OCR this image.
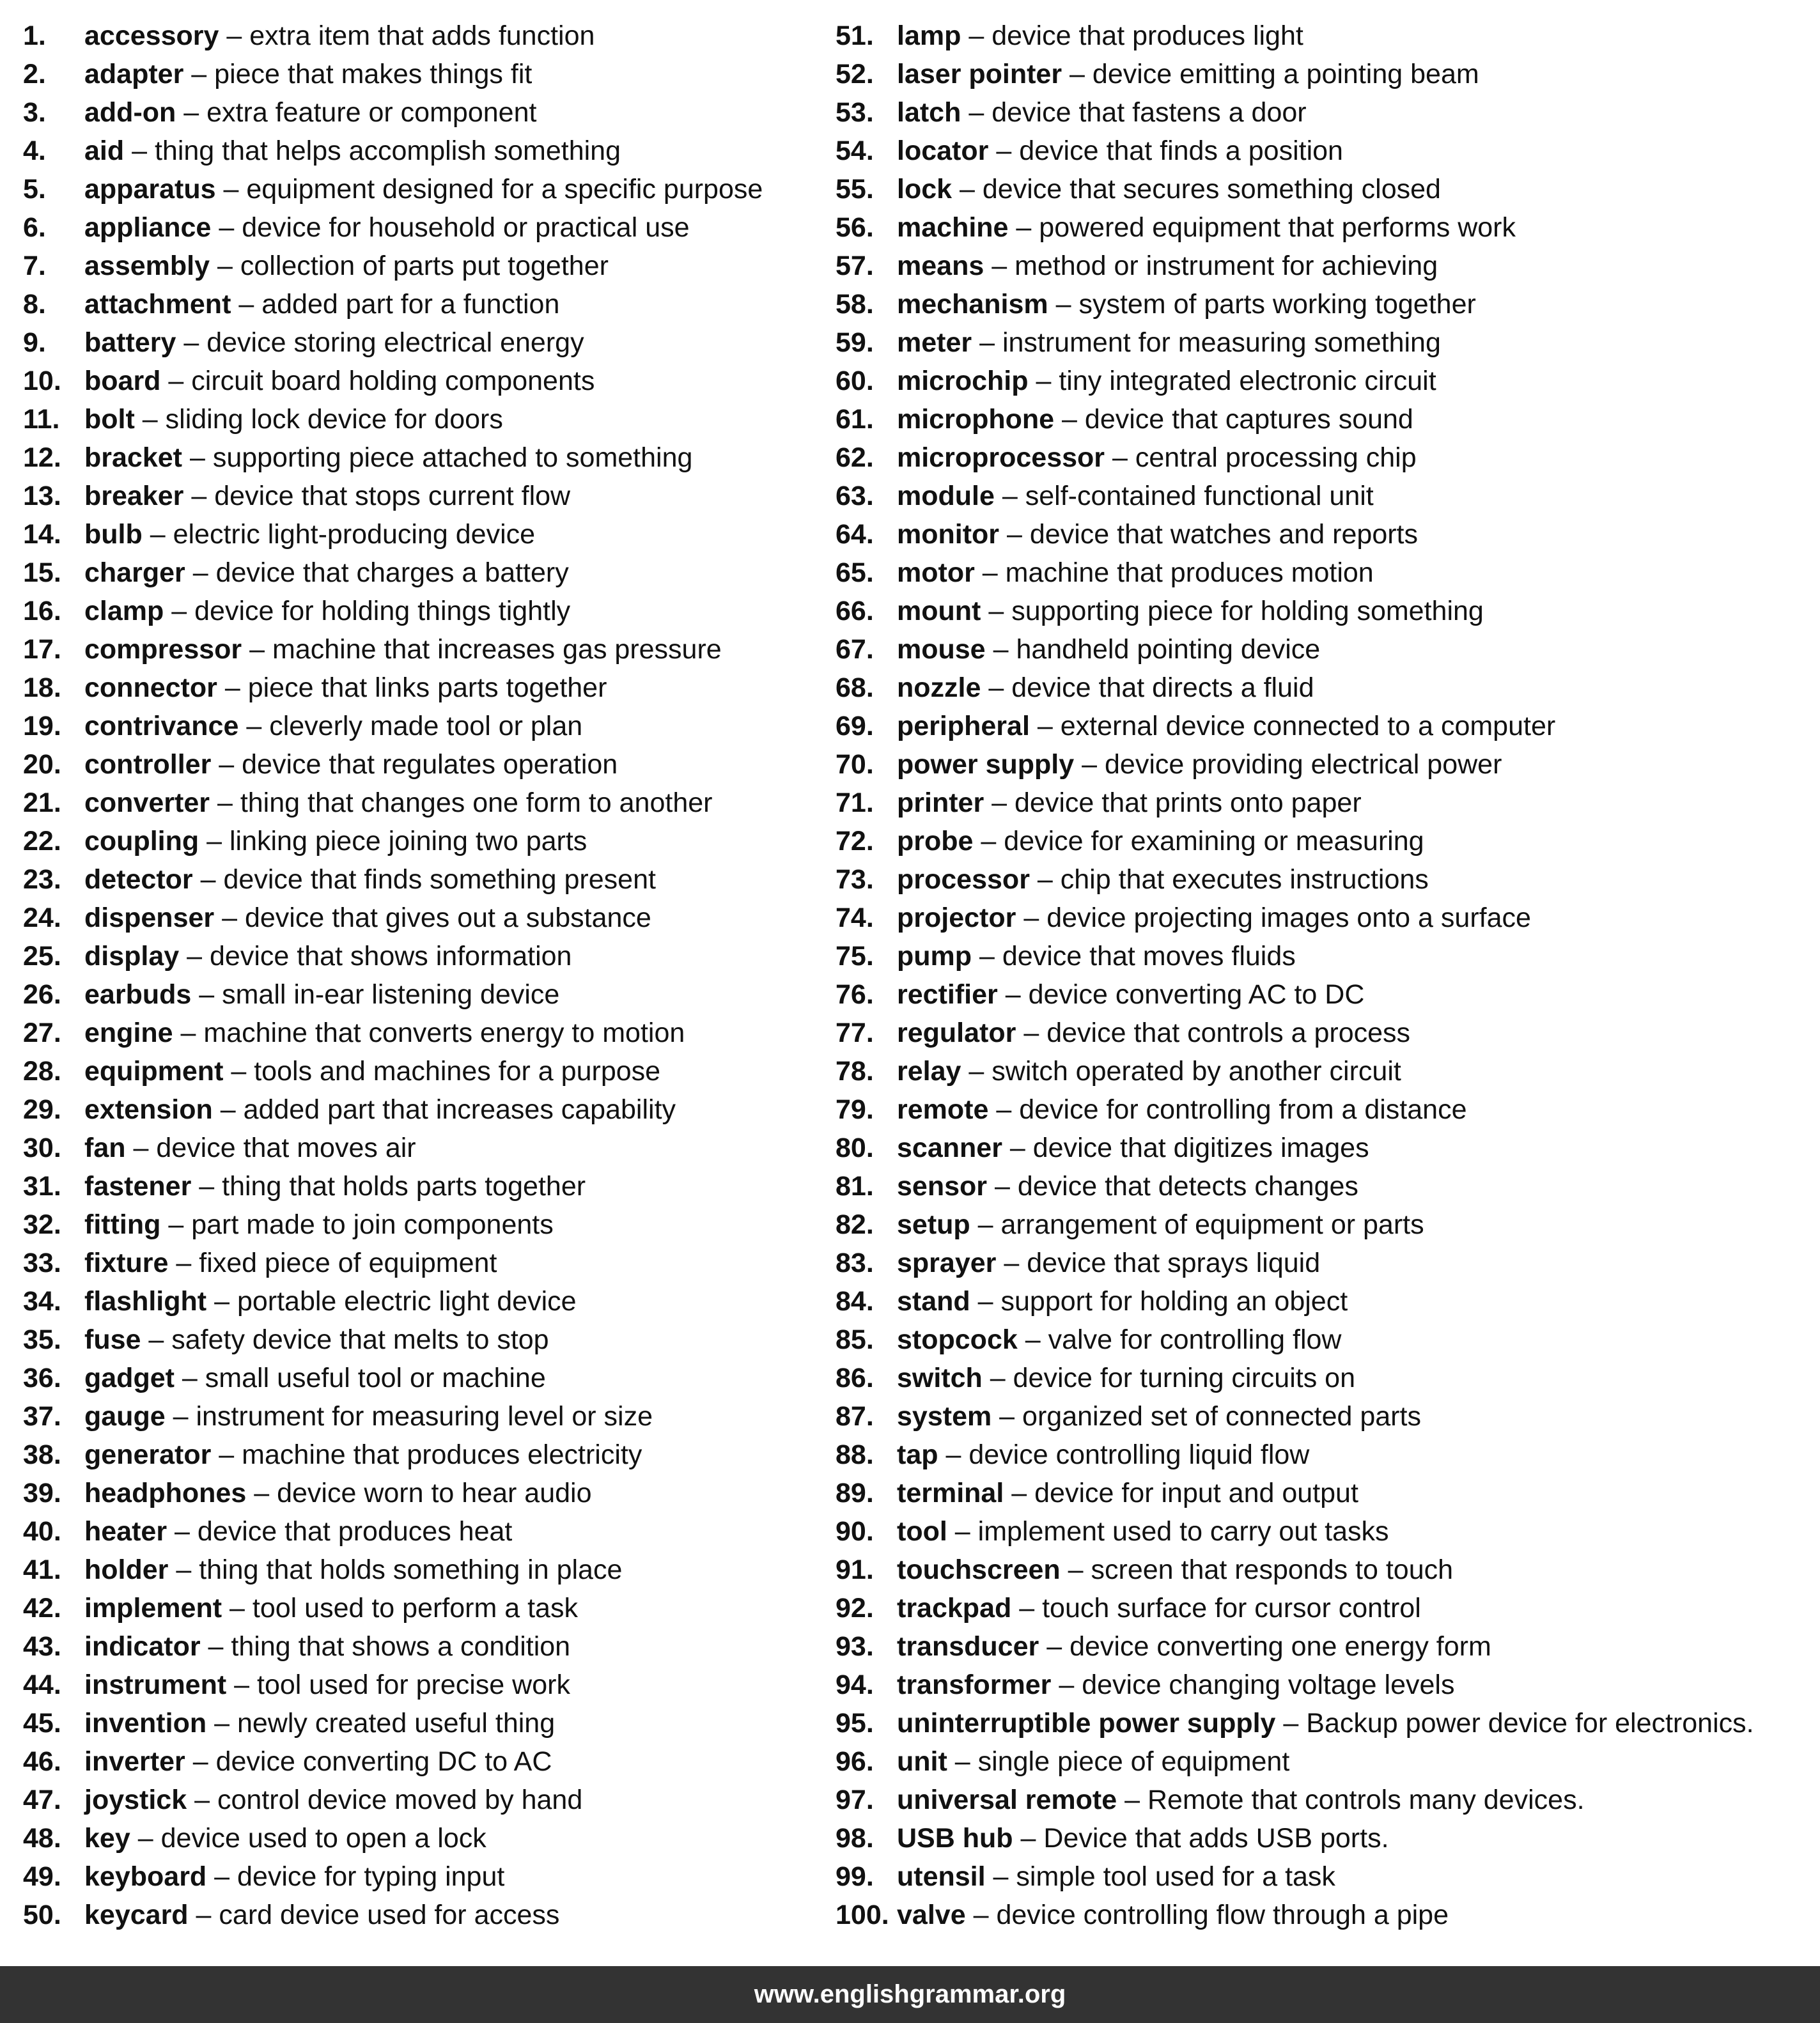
1. accessory – extra item that adds function
2. adapter – piece that makes things fit
3. add-on – extra feature or component
4. aid – thing that helps accomplish something
5. apparatus – equipment designed for a specific purpose
6. appliance – device for household or practical use
7. assembly – collection of parts put together
8. attachment – added part for a function
9. battery – device storing electrical energy
10. board – circuit board holding components
11. bolt – sliding lock device for doors
12. bracket – supporting piece attached to something
13. breaker – device that stops current flow
14. bulb – electric light-producing device
15. charger – device that charges a battery
16. clamp – device for holding things tightly
17. compressor – machine that increases gas pressure
18. connector – piece that links parts together
19. contrivance – cleverly made tool or plan
20. controller – device that regulates operation
21. converter – thing that changes one form to another
22. coupling – linking piece joining two parts
23. detector – device that finds something present
24. dispenser – device that gives out a substance
25. display – device that shows information
26. earbuds – small in-ear listening device
27. engine – machine that converts energy to motion
28. equipment – tools and machines for a purpose
29. extension – added part that increases capability
30. fan – device that moves air
31. fastener – thing that holds parts together
32. fitting – part made to join components
33. fixture – fixed piece of equipment
34. flashlight – portable electric light device
35. fuse – safety device that melts to stop
36. gadget – small useful tool or machine
37. gauge – instrument for measuring level or size
38. generator – machine that produces electricity
39. headphones – device worn to hear audio
40. heater – device that produces heat
41. holder – thing that holds something in place
42. implement – tool used to perform a task
43. indicator – thing that shows a condition
44. instrument – tool used for precise work
45. invention – newly created useful thing
46. inverter – device converting DC to AC
47. joystick – control device moved by hand
48. key – device used to open a lock
49. keyboard – device for typing input
50. keycard – card device used for access
51. lamp – device that produces light
52. laser pointer – device emitting a pointing beam
53. latch – device that fastens a door
54. locator – device that finds a position
55. lock – device that secures something closed
56. machine – powered equipment that performs work
57. means – method or instrument for achieving
58. mechanism – system of parts working together
59. meter – instrument for measuring something
60. microchip – tiny integrated electronic circuit
61. microphone – device that captures sound
62. microprocessor – central processing chip
63. module – self-contained functional unit
64. monitor – device that watches and reports
65. motor – machine that produces motion
66. mount – supporting piece for holding something
67. mouse – handheld pointing device
68. nozzle – device that directs a fluid
69. peripheral – external device connected to a computer
70. power supply – device providing electrical power
71. printer – device that prints onto paper
72. probe – device for examining or measuring
73. processor – chip that executes instructions
74. projector – device projecting images onto a surface
75. pump – device that moves fluids
76. rectifier – device converting AC to DC
77. regulator – device that controls a process
78. relay – switch operated by another circuit
79. remote – device for controlling from a distance
80. scanner – device that digitizes images
81. sensor – device that detects changes
82. setup – arrangement of equipment or parts
83. sprayer – device that sprays liquid
84. stand – support for holding an object
85. stopcock – valve for controlling flow
86. switch – device for turning circuits on
87. system – organized set of connected parts
88. tap – device controlling liquid flow
89. terminal – device for input and output
90. tool – implement used to carry out tasks
91. touchscreen – screen that responds to touch
92. trackpad – touch surface for cursor control
93. transducer – device converting one energy form
94. transformer – device changing voltage levels
95. uninterruptible power supply – Backup power device for electronics.
96. unit – single piece of equipment
97. universal remote – Remote that controls many devices.
98. USB hub – Device that adds USB ports.
99. utensil – simple tool used for a task
100. valve – device controlling flow through a pipe
www.englishgrammar.org
